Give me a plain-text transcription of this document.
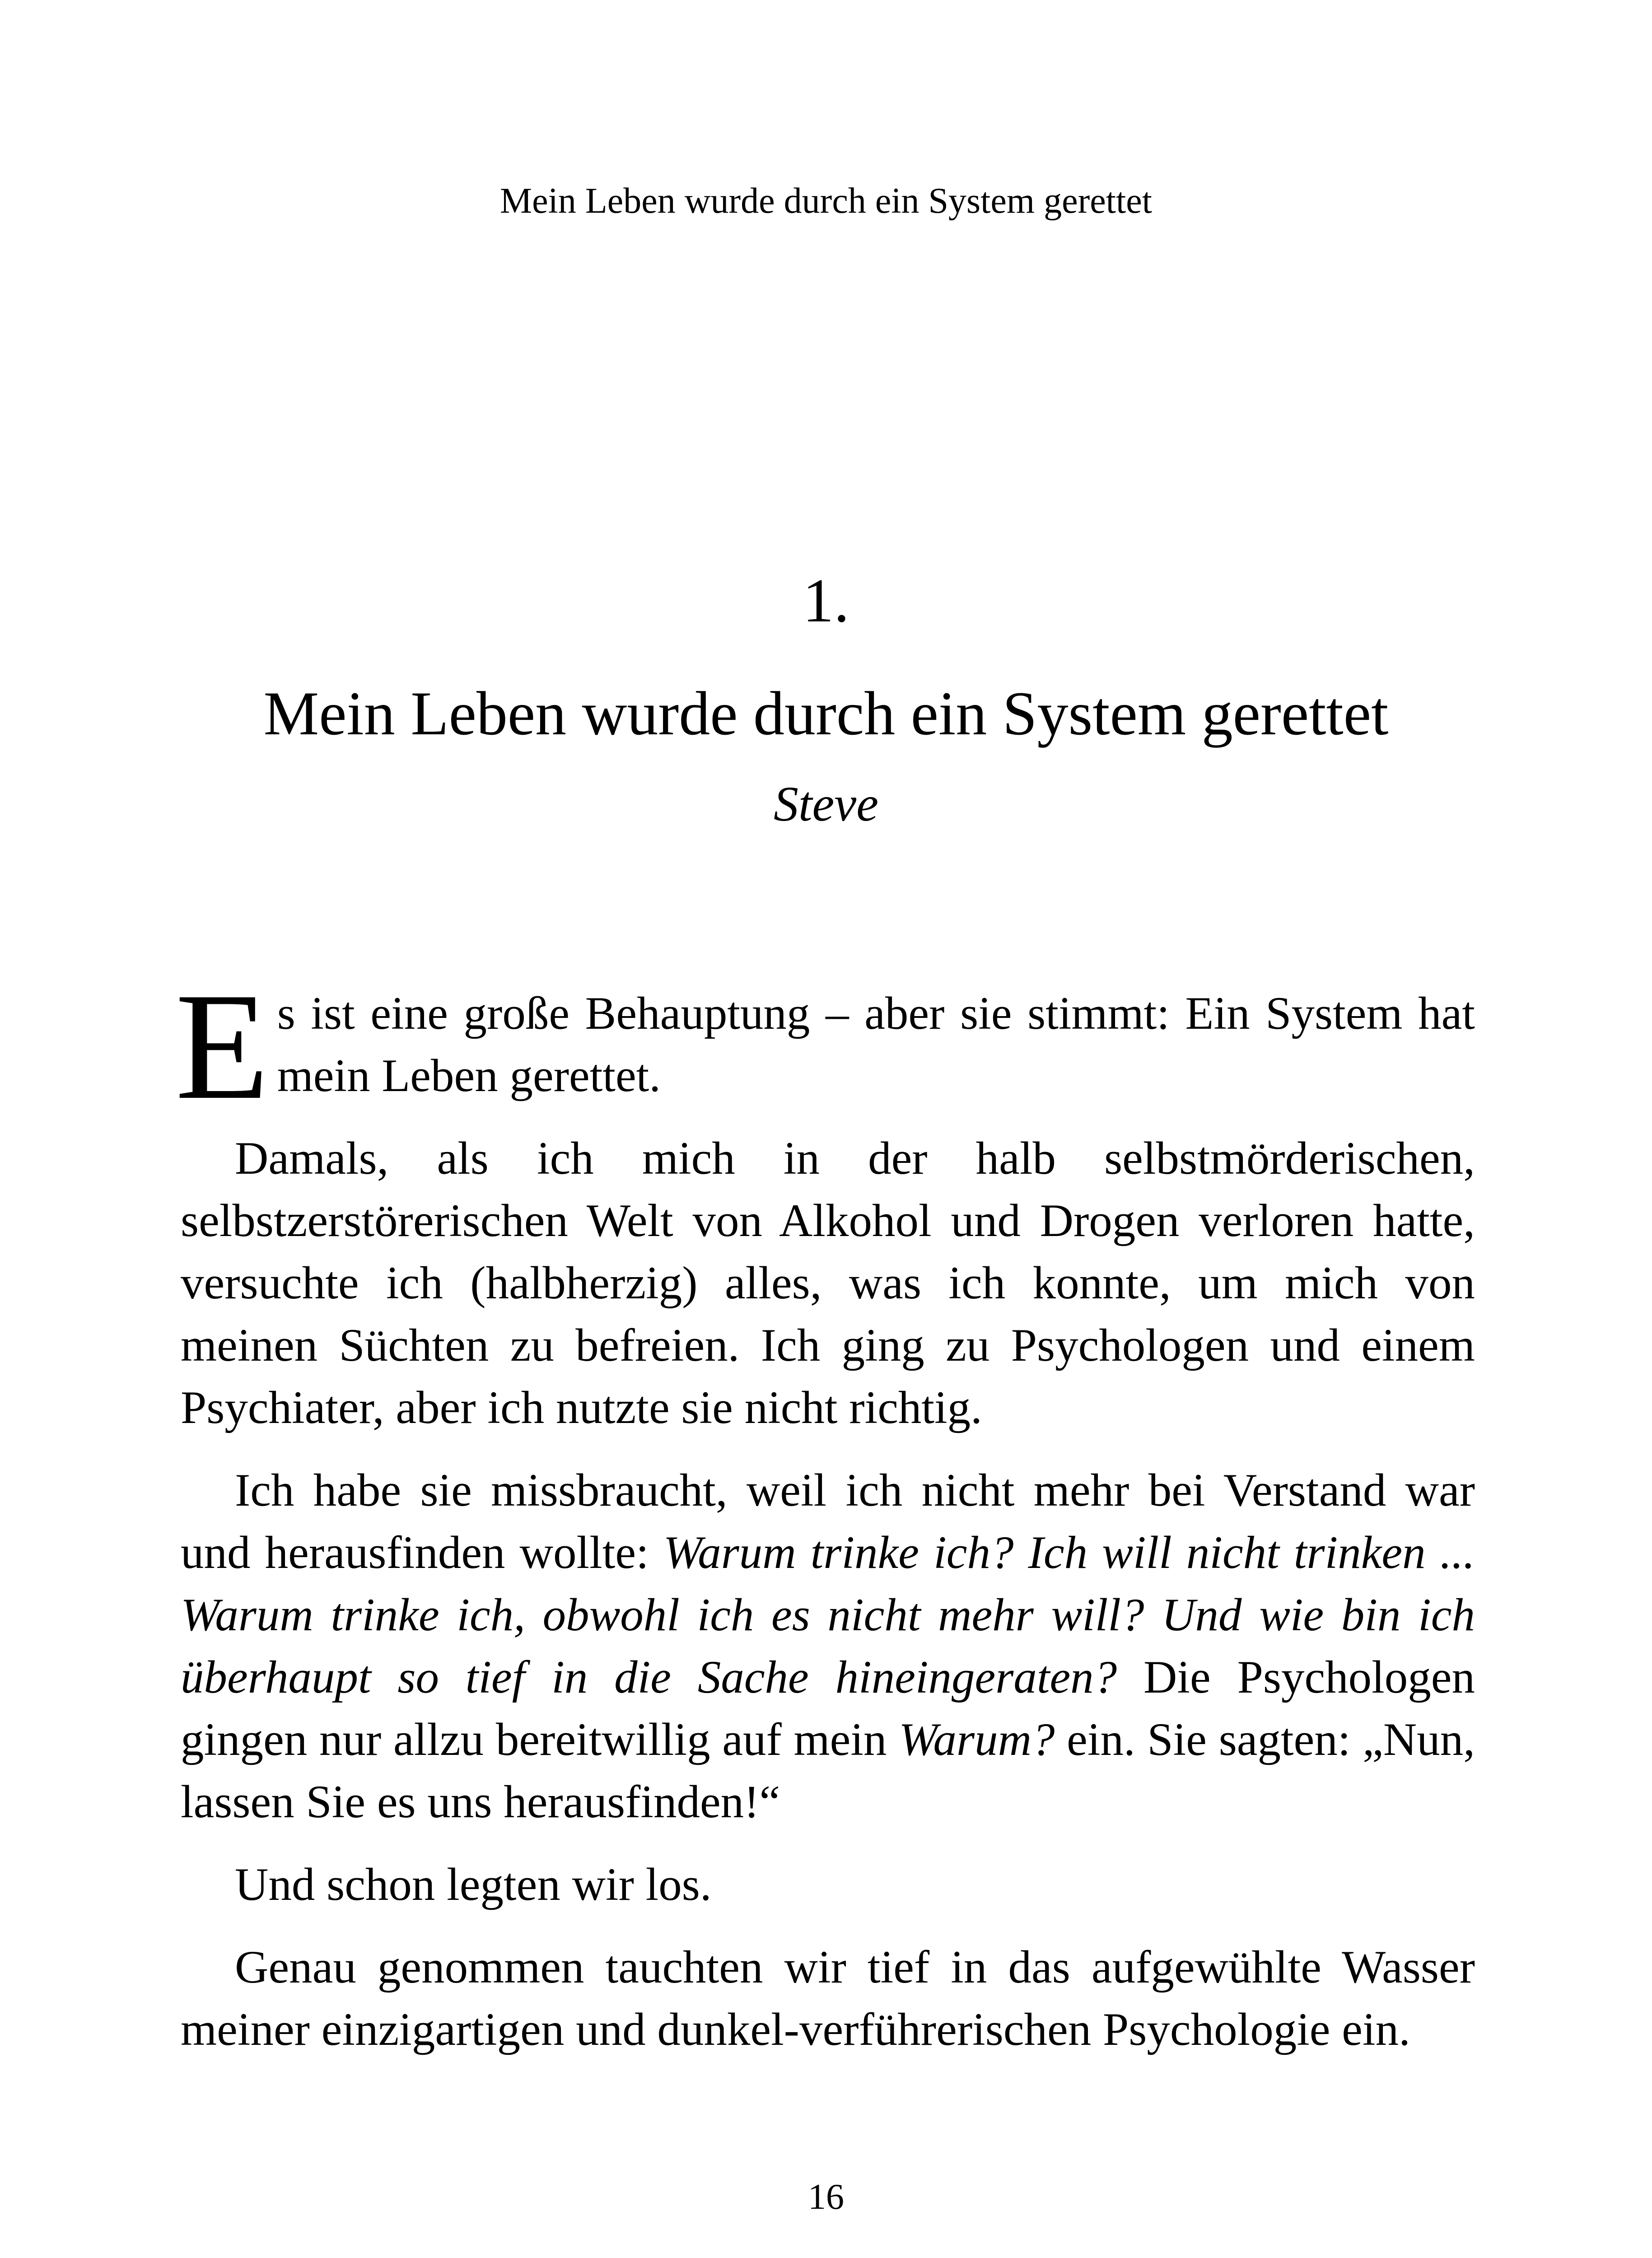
Mein Leben wurde durch ein System gerettet
1.
Mein Leben wurde durch ein System gerettet
Steve

Es ist eine große Behauptung – aber sie stimmt: Ein System hat mein Leben gerettet.

Damals, als ich mich in der halb selbstmörderischen, selbstzerstörerischen Welt von Alkohol und Drogen verloren hatte, versuchte ich (halbherzig) alles, was ich konnte, um mich von meinen Süchten zu befreien. Ich ging zu Psychologen und einem Psychiater, aber ich nutzte sie nicht richtig.

Ich habe sie missbraucht, weil ich nicht mehr bei Verstand war und herausfinden wollte: Warum trinke ich? Ich will nicht trinken ... Warum trinke ich, obwohl ich es nicht mehr will? Und wie bin ich überhaupt so tief in die Sache hineingeraten? Die Psychologen gingen nur allzu bereitwillig auf mein Warum? ein. Sie sagten: „Nun, lassen Sie es uns herausfinden!“

Und schon legten wir los.

Genau genommen tauchten wir tief in das aufgewühlte Wasser meiner einzigartigen und dunkel-verführerischen Psychologie ein.

16
